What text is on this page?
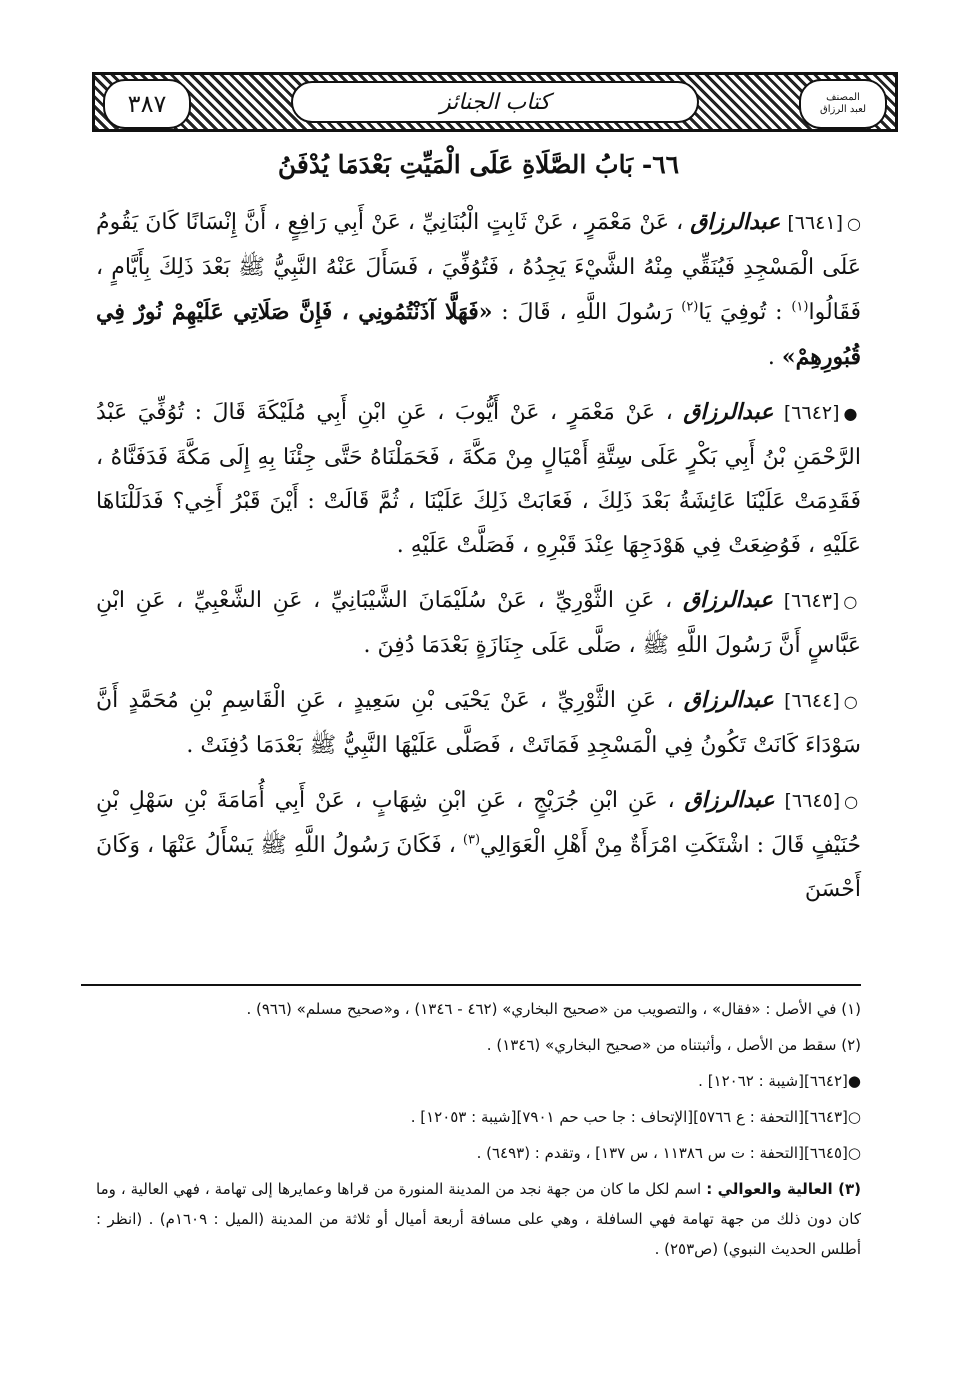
المصنف
لعبد الرزاق
كتاب الجنائز
٣٨٧
٦٦- بَابُ الصَّلَاةِ عَلَى الْمَيِّتِ بَعْدَمَا يُدْفَنُ

○[٦٦٤١] عبدالرزاق ، عَنْ مَعْمَرٍ ، عَنْ ثَابِتٍ الْبُنَانِيِّ ، عَنْ أَبِي رَافِعٍ ، أَنَّ إِنْسَانًا كَانَ يَقُومُ عَلَى الْمَسْجِدِ فَيُنَقِّي مِنْهُ الشَّيْءَ يَجِدُهُ ، فَتُوُفِّيَ ، فَسَأَلَ عَنْهُ النَّبِيُّ ﷺ بَعْدَ ذَلِكَ بِأَيَّامٍ ، فَقَالُوا$^{(١)}$ : تُوفِيَ يَا$^{(٢)}$ رَسُولَ اللَّهِ ، قَالَ : «فَهَلَّا آذَنْتُمُونِي ، فَإِنَّ صَلَاتِي عَلَيْهِمْ نُورٌ فِي قُبُورِهِمْ» .

●[٦٦٤٢] عبدالرزاق ، عَنْ مَعْمَرٍ ، عَنْ أَيُّوبَ ، عَنِ ابْنِ أَبِي مُلَيْكَةَ قَالَ : تُوُفِّيَ عَبْدُ الرَّحْمَنِ بْنُ أَبِي بَكْرٍ عَلَى سِتَّةِ أَمْيَالٍ مِنْ مَكَّةَ ، فَحَمَلْنَاهُ حَتَّى جِئْنَا بِهِ إِلَى مَكَّةَ فَدَفَنَّاهُ ، فَقَدِمَتْ عَلَيْنَا عَائِشَةُ بَعْدَ ذَلِكَ ، فَعَابَتْ ذَلِكَ عَلَيْنَا ، ثُمَّ قَالَتْ : أَيْنَ قَبْرُ أَخِي؟ فَدَلَلْنَاهَا عَلَيْهِ ، فَوُضِعَتْ فِي هَوْدَجِهَا عِنْدَ قَبْرِهِ ، فَصَلَّتْ عَلَيْهِ .

○[٦٦٤٣] عبدالرزاق ، عَنِ الثَّوْرِيِّ ، عَنْ سُلَيْمَانَ الشَّيْبَانِيِّ ، عَنِ الشَّعْبِيِّ ، عَنِ ابْنِ عَبَّاسٍ أَنَّ رَسُولَ اللَّهِ ﷺ ، صَلَّى عَلَى جِنَازَةٍ بَعْدَمَا دُفِنَ .

○[٦٦٤٤] عبدالرزاق ، عَنِ الثَّوْرِيِّ ، عَنْ يَحْيَى بْنِ سَعِيدٍ ، عَنِ الْقَاسِمِ بْنِ مُحَمَّدٍ أَنَّ سَوْدَاءَ كَانَتْ تَكُونُ فِي الْمَسْجِدِ فَمَاتَتْ ، فَصَلَّى عَلَيْهَا النَّبِيُّ ﷺ بَعْدَمَا دُفِنَتْ .

○[٦٦٤٥] عبدالرزاق ، عَنِ ابْنِ جُرَيْجٍ ، عَنِ ابْنِ شِهَابٍ ، عَنْ أَبِي أُمَامَةَ بْنِ سَهْلِ بْنِ حُنَيْفٍ قَالَ : اشْتَكَتِ امْرَأَةٌ مِنْ أَهْلِ الْعَوَالِي$^{(٣)}$ ، فَكَانَ رَسُولُ اللَّهِ ﷺ يَسْأَلُ عَنْهَا ، وَكَانَ أَحْسَنَ

(١) في الأصل : «فقال» ، والتصويب من «صحيح البخاري» (٤٦٢ - ١٣٤٦) ، و«صحيح مسلم» (٩٦٦) .

(٢) سقط من الأصل ، وأثبتناه من «صحيح البخاري» (١٣٤٦) .

●[٦٦٤٢][شيبة : ١٢٠٦٢] .

○[٦٦٤٣][التحفة : ع ٥٧٦٦][الإتحاف : جا حب حم ٧٩٠١][شيبة : ١٢٠٥٣] .

○[٦٦٤٥][التحفة : ت س ١١٣٨٦ ، س ١٣٧] ، وتقدم : (٦٤٩٣) .

(٣) العالية والعوالي : اسم لكل ما كان من جهة نجد من المدينة المنورة من قراها وعمايرها إلى تهامة ، فهي العالية ، وما كان دون ذلك من جهة تهامة فهي السافلة ، وهي على مسافة أربعة أميال أو ثلاثة من المدينة (الميل : ١٦٠٩م) . (انظر : أطلس الحديث النبوي) (ص٢٥٣) .
